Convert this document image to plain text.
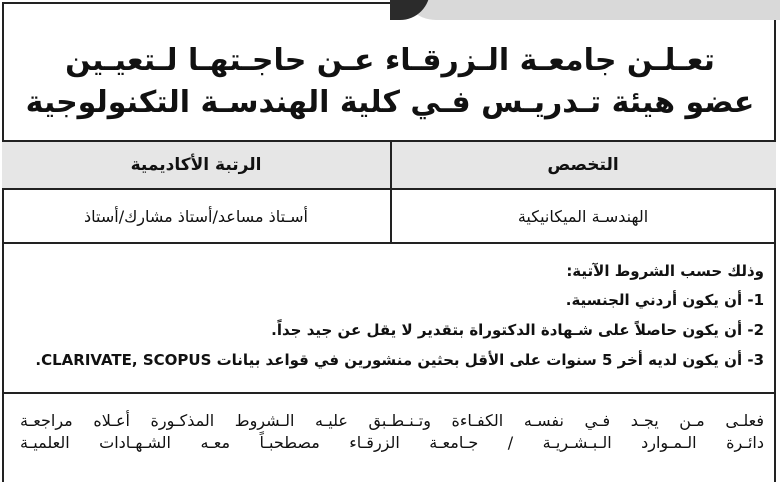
تعـلـن جامعـة الـزرقـاء عـن حاجـتهـا لـتعيـين
عضو هيئة تـدريـس فـي كلية الهندسـة التكنولوجية
التخصص
الهندسـة الميكانيكية
الرتبة الأكاديمية
أسـتاذ مساعد/أستاذ مشارك/أستاذ

وذلك حسب الشروط الآتية:

1- أن يكون أردني الجنسية.

2- أن يكون حاصلاً على شـهادة الدكتوراة بتقدير لا يقل عن جيد جداً.

3- أن يكون لديه أخر 5 سنوات على الأقل بحثين منشورين في قواعد بيانات CLARIVATE, SCOPUS.

فعلـى مـن يجـد فـي نفسـه الكفـاءة وتـنـطـبق عليـه الـشروط المذكـورة أعـلاه مراجعـة
دائـرة الـمـوارد الـبـشـريـة / جـامعـة الزرقـاء مصطحبـاً معـه الشـهـادات العلميـة
